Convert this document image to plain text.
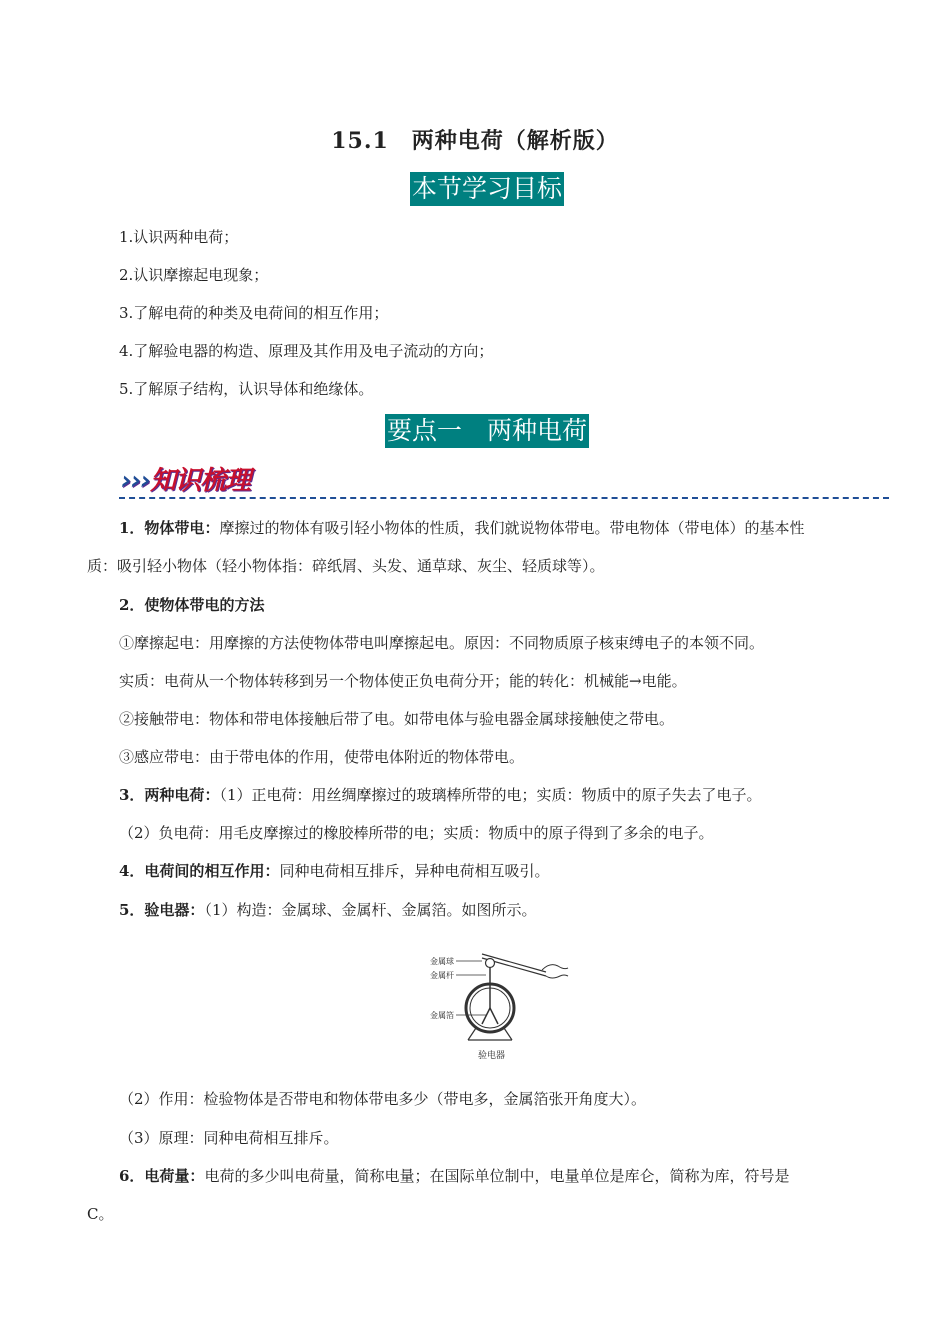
15.1　两种电荷（解析版）
本节学习目标
1.认识两种电荷；
2.认识摩擦起电现象；
3.了解电荷的种类及电荷间的相互作用；
4.了解验电器的构造、原理及其作用及电子流动的方向；
5.了解原子结构，认识导体和绝缘体。
要点一　两种电荷
›››知识梳理
1．物体带电：摩擦过的物体有吸引轻小物体的性质，我们就说物体带电。带电物体（带电体）的基本性
质：吸引轻小物体（轻小物体指：碎纸屑、头发、通草球、灰尘、轻质球等）。
2．使物体带电的方法
①摩擦起电：用摩擦的方法使物体带电叫摩擦起电。原因：不同物质原子核束缚电子的本领不同。
实质：电荷从一个物体转移到另一个物体使正负电荷分开；能的转化：机械能→电能。
②接触带电：物体和带电体接触后带了电。如带电体与验电器金属球接触使之带电。
③感应带电：由于带电体的作用，使带电体附近的物体带电。
3．两种电荷：（1）正电荷：用丝绸摩擦过的玻璃棒所带的电；实质：物质中的原子失去了电子。
（2）负电荷：用毛皮摩擦过的橡胶棒所带的电；实质：物质中的原子得到了多余的电子。
4．电荷间的相互作用：同种电荷相互排斥，异种电荷相互吸引。
5．验电器：（1）构造：金属球、金属杆、金属箔。如图所示。
金属球
金属杆
金属箔
验电器
（2）作用：检验物体是否带电和物体带电多少（带电多，金属箔张开角度大）。
（3）原理：同种电荷相互排斥。
6．电荷量：电荷的多少叫电荷量，简称电量；在国际单位制中，电量单位是库仑，简称为库，符号是
C。
